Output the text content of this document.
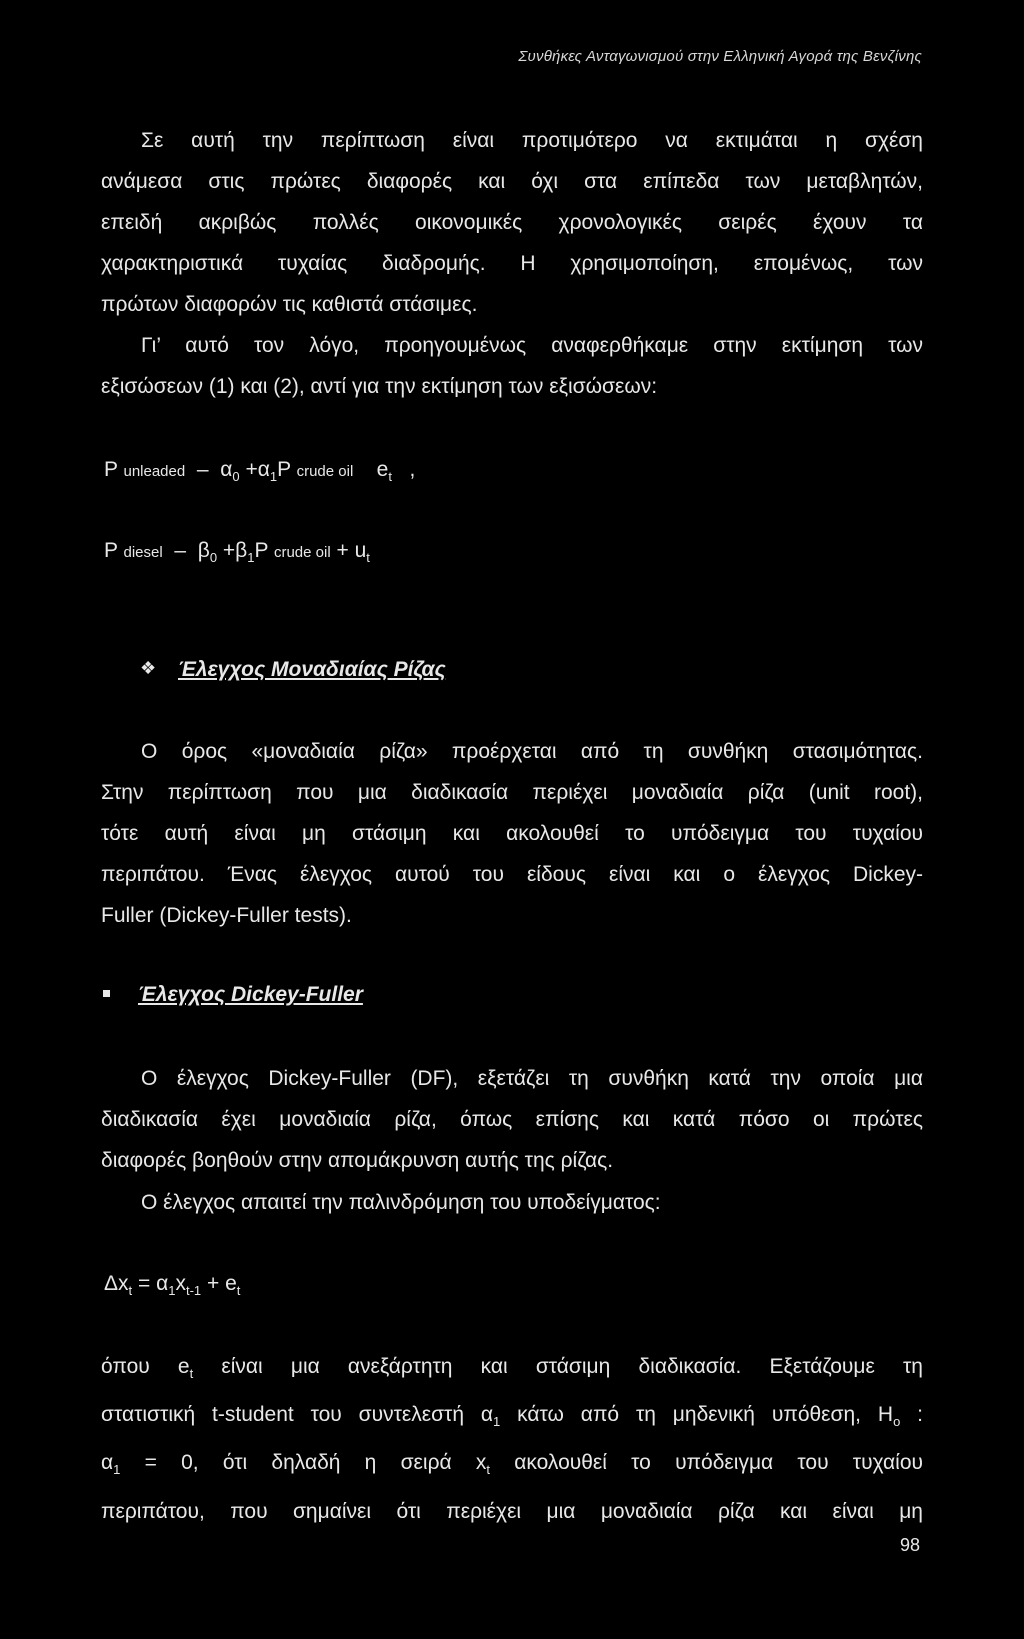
Συνθήκες Ανταγωνισμού στην Ελληνική Αγορά της Βενζίνης
Σε αυτή την περίπτωση είναι προτιμότερο να εκτιμάται η σχέση
ανάμεσα στις πρώτες διαφορές και όχι στα επίπεδα των μεταβλητών,
επειδή ακριβώς πολλές οικονομικές χρονολογικές σειρές έχουν τα
χαρακτηριστικά τυχαίας διαδρομής. Η χρησιμοποίηση, επομένως, των
πρώτων διαφορών τις καθιστά στάσιμες.
Γι’ αυτό τον λόγο, προηγουμένως αναφερθήκαμε στην εκτίμηση των
εξισώσεων (1) και (2), αντί για την εκτίμηση των εξισώσεων:
P unleaded – $\alpha_0 +\alpha_1P$ crude oil $e_t$ ,
P diesel – $\beta_0 +\beta_1P$ crude oil + $u_t$
❖ Έλεγχος Μοναδιαίας Ρίζας
Ο όρος «μοναδιαία ρίζα» προέρχεται από τη συνθήκη στασιμότητας.
Στην περίπτωση που μια διαδικασία περιέχει μοναδιαία ρίζα (unit root),
τότε αυτή είναι μη στάσιμη και ακολουθεί το υπόδειγμα του τυχαίου
περιπάτου. Ένας έλεγχος αυτού του είδους είναι και ο έλεγχος Dickey-
Fuller (Dickey-Fuller tests).
Έλεγχος Dickey-Fuller
Ο έλεγχος Dickey-Fuller (DF), εξετάζει τη συνθήκη κατά την οποία μια
διαδικασία έχει μοναδιαία ρίζα, όπως επίσης και κατά πόσο οι πρώτες
διαφορές βοηθούν στην απομάκρυνση αυτής της ρίζας.
Ο έλεγχος απαιτεί την παλινδρόμηση του υποδείγματος:
$\Delta x_t = \alpha_1x_{t-1} + e_t$
όπου $e_t$ είναι μια ανεξάρτητη και στάσιμη διαδικασία. Εξετάζουμε τη
στατιστική t-student του συντελεστή $\alpha_1$ κάτω από τη μηδενική υπόθεση, $H_o$ :
$\alpha_1 = 0$, ότι δηλαδή η σειρά $x_t$ ακολουθεί το υπόδειγμα του τυχαίου
περιπάτου, που σημαίνει ότι περιέχει μια μοναδιαία ρίζα και είναι μη
98
